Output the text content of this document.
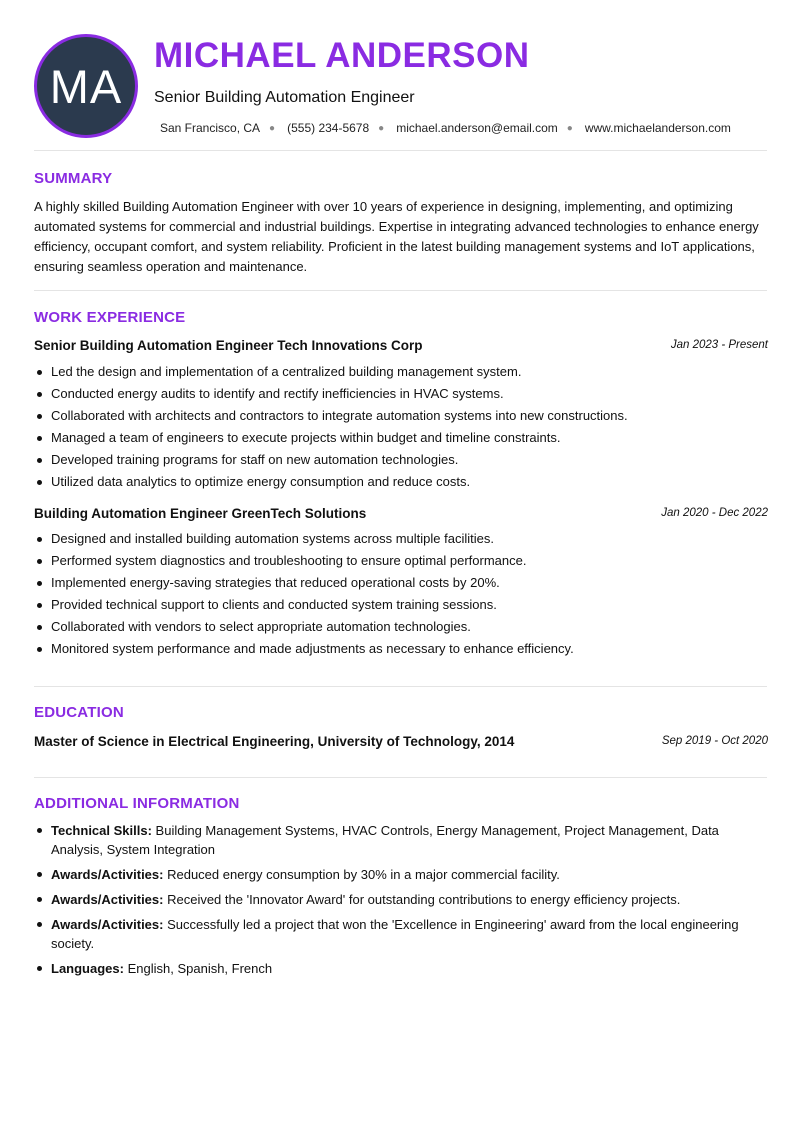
MA
MICHAEL ANDERSON
Senior Building Automation Engineer
San Francisco, CA ● (555) 234-5678 ● michael.anderson@email.com ● www.michaelanderson.com
SUMMARY
A highly skilled Building Automation Engineer with over 10 years of experience in designing, implementing, and optimizing automated systems for commercial and industrial buildings. Expertise in integrating advanced technologies to enhance energy efficiency, occupant comfort, and system reliability. Proficient in the latest building management systems and IoT applications, ensuring seamless operation and maintenance.
WORK EXPERIENCE
Senior Building Automation Engineer Tech Innovations Corp	Jan 2023 - Present
Led the design and implementation of a centralized building management system.
Conducted energy audits to identify and rectify inefficiencies in HVAC systems.
Collaborated with architects and contractors to integrate automation systems into new constructions.
Managed a team of engineers to execute projects within budget and timeline constraints.
Developed training programs for staff on new automation technologies.
Utilized data analytics to optimize energy consumption and reduce costs.
Building Automation Engineer GreenTech Solutions	Jan 2020 - Dec 2022
Designed and installed building automation systems across multiple facilities.
Performed system diagnostics and troubleshooting to ensure optimal performance.
Implemented energy-saving strategies that reduced operational costs by 20%.
Provided technical support to clients and conducted system training sessions.
Collaborated with vendors to select appropriate automation technologies.
Monitored system performance and made adjustments as necessary to enhance efficiency.
EDUCATION
Master of Science in Electrical Engineering, University of Technology, 2014	Sep 2019 - Oct 2020
ADDITIONAL INFORMATION
Technical Skills: Building Management Systems, HVAC Controls, Energy Management, Project Management, Data Analysis, System Integration
Awards/Activities: Reduced energy consumption by 30% in a major commercial facility.
Awards/Activities: Received the 'Innovator Award' for outstanding contributions to energy efficiency projects.
Awards/Activities: Successfully led a project that won the 'Excellence in Engineering' award from the local engineering society.
Languages: English, Spanish, French
